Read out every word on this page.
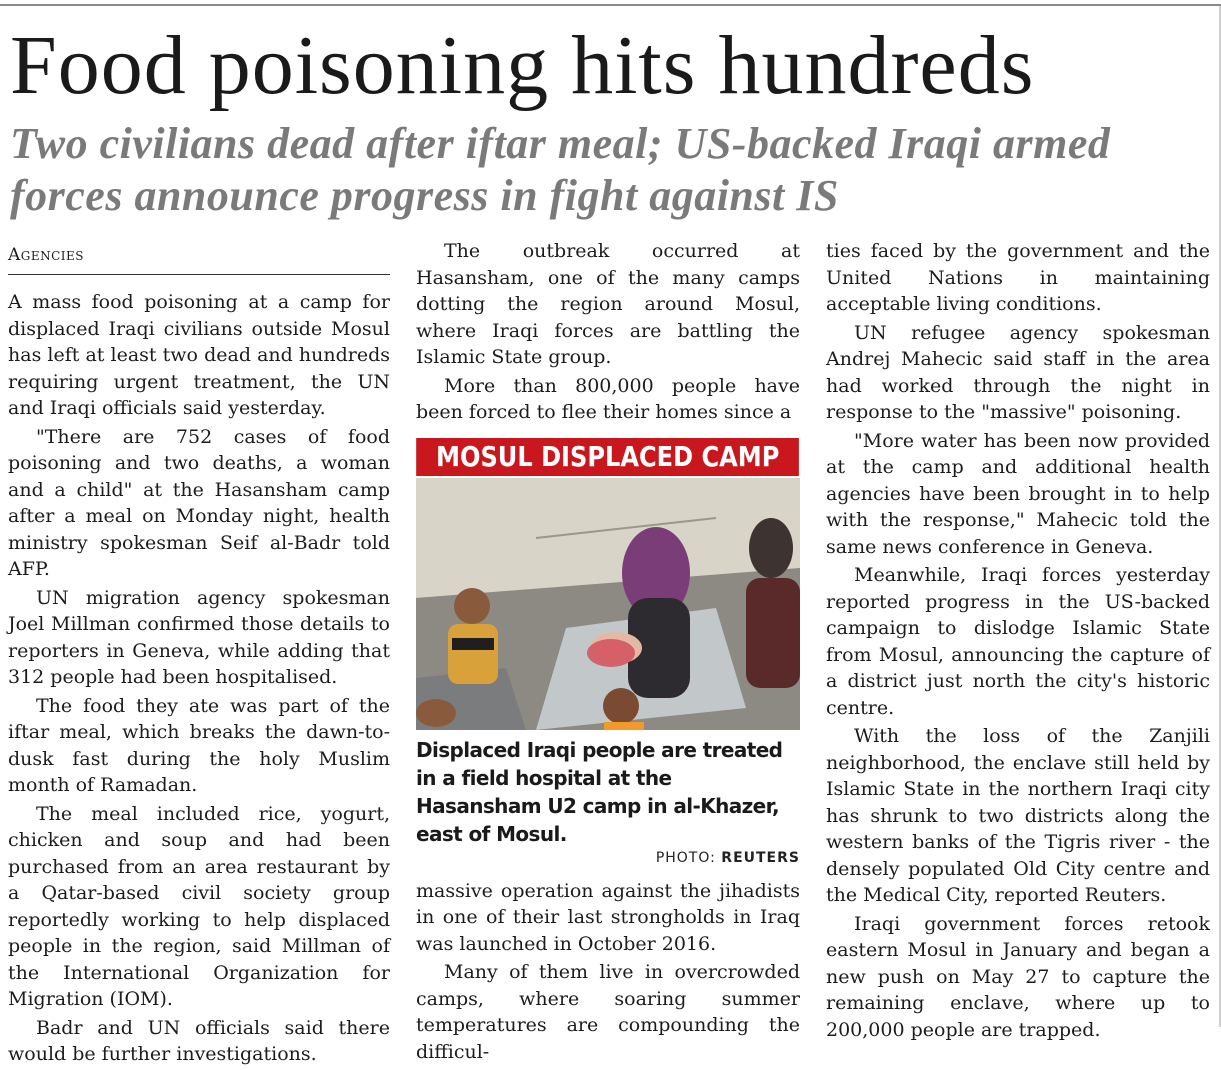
Food poisoning hits hundreds
Two civilians dead after iftar meal; US-backed Iraqi armed forces announce progress in fight against IS
Agencies

A mass food poisoning at a camp for displaced Iraqi civilians outside Mosul has left at least two dead and hundreds requiring urgent treatment, the UN and Iraqi officials said yesterday.

"There are 752 cases of food poisoning and two deaths, a woman and a child" at the Hasansham camp after a meal on Monday night, health ministry spokesman Seif al-Badr told AFP.

UN migration agency spokesman Joel Millman confirmed those details to reporters in Geneva, while adding that 312 people had been hospitalised.

The food they ate was part of the iftar meal, which breaks the dawn-to-dusk fast during the holy Muslim month of Ramadan.

The meal included rice, yogurt, chicken and soup and had been purchased from an area restaurant by a Qatar-based civil society group reportedly working to help displaced people in the region, said Millman of the International Organization for Migration (IOM).

Badr and UN officials said there would be further investigations.

The outbreak occurred at Hasansham, one of the many camps dotting the region around Mosul, where Iraqi forces are battling the Islamic State group.

More than 800,000 people have been forced to flee their homes since a

MOSUL DISPLACED CAMP
Displaced Iraqi people are treated in a field hospital at the Hasansham U2 camp in al-Khazer, east of Mosul.
PHOTO: REUTERS

massive operation against the jihadists in one of their last strongholds in Iraq was launched in October 2016.

Many of them live in overcrowded camps, where soaring summer temperatures are compounding the difficul-

ties faced by the government and the United Nations in maintaining acceptable living conditions.

UN refugee agency spokesman Andrej Mahecic said staff in the area had worked through the night in response to the "massive" poisoning.

"More water has been now provided at the camp and additional health agencies have been brought in to help with the response," Mahecic told the same news conference in Geneva.

Meanwhile, Iraqi forces yesterday reported progress in the US-backed campaign to dislodge Islamic State from Mosul, announcing the capture of a district just north the city's historic centre.

With the loss of the Zanjili neighborhood, the enclave still held by Islamic State in the northern Iraqi city has shrunk to two districts along the western banks of the Tigris river - the densely populated Old City centre and the Medical City, reported Reuters.

Iraqi government forces retook eastern Mosul in January and began a new push on May 27 to capture the remaining enclave, where up to 200,000 people are trapped.
